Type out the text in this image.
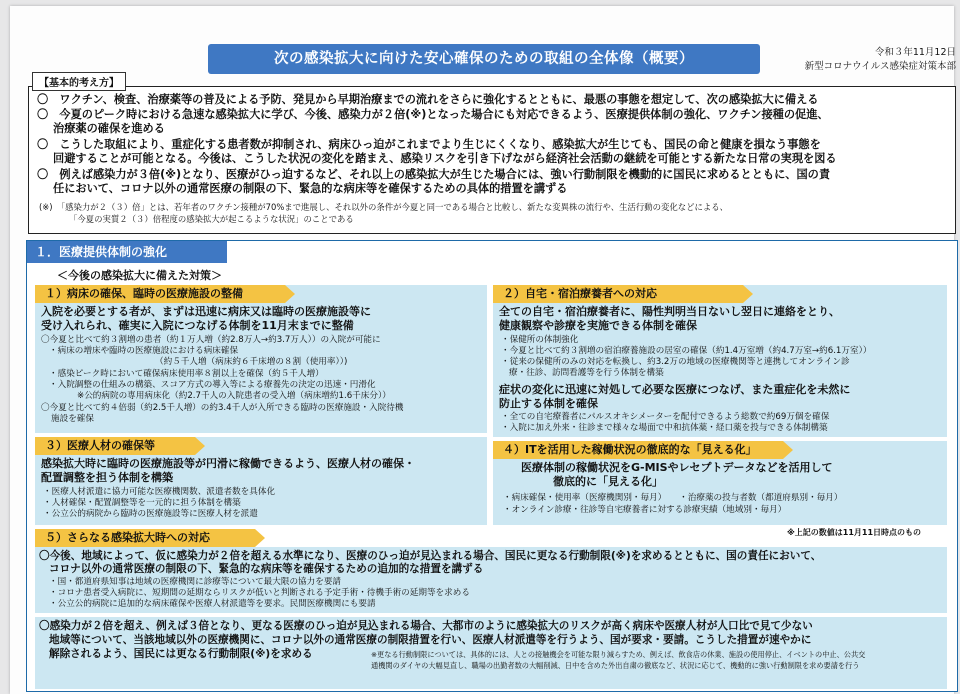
次の感染拡大に向けた安心確保のための取組の全体像（概要）	令和３年11月12日
新型コロナウイルス感染症対策本部
〇　ワクチン、検査、治療薬等の普及による予防、発見から早期治療までの流れをさらに強化するとともに、最悪の事態を想定して、次の感染拡大に備える
〇　今夏のピーク時における急速な感染拡大に学び、今後、感染力が２倍(※)となった場合にも対応できるよう、医療提供体制の強化、ワクチン接種の促進、
治療薬の確保を進める
〇　こうした取組により、重症化する患者数が抑制され、病床ひっ迫がこれまでより生じにくくなり、感染拡大が生じても、国民の命と健康を損なう事態を
回避することが可能となる。今後は、こうした状況の変化を踏まえ、感染リスクを引き下げながら経済社会活動の継続を可能とする新たな日常の実現を図る
〇　例えば感染力が３倍(※)となり、医療がひっ迫するなど、それ以上の感染拡大が生じた場合には、強い行動制限を機動的に国民に求めるとともに、国の責
任において、コロナ以外の通常医療の制限の下、緊急的な病床等を確保するための具体的措置を講ずる
(※)　「感染力が２（３）倍」とは、若年者のワクチン接種が70%まで進展し、それ以外の条件が今夏と同一である場合と比較し、新たな変異株の流行や、生活行動の変化などによる、
「今夏の実質２（３）倍程度の感染拡大が起こるような状況」のことである
【基本的考え方】
１．医療提供体制の強化
＜今後の感染拡大に備えた対策＞
１）病床の確保、臨時の医療施設の整備
入院を必要とする者が、まずは迅速に病床又は臨時の医療施設等に
受け入れられ、確実に入院につなげる体制を11月末までに整備
〇今夏と比べて約３割増の患者（約１万人増（約2.8万人→約3.7万人））の入院が可能に
・病床の増床や臨時の医療施設における病床確保
（約５千人増（病床約６千床増の８割（使用率））)
・感染ピーク時において確保病床使用率８割以上を確保（約５千人増）
・入院調整の仕組みの構築、スコア方式の導入等による療養先の決定の迅速・円滑化
※公的病院の専用病床化（約2.7千人の入院患者の受入増（病床増約1.6千床分））
〇今夏と比べて約４倍弱（約2.5千人増）の約3.4千人が入所できる臨時の医療施設・入院待機
施設を確保
２）自宅・宿泊療養者への対応
全ての自宅・宿泊療養者に、陽性判明当日ないし翌日に連絡をとり、
健康観察や診療を実施できる体制を確保
・保健所の体制強化
・今夏と比べて約３割増の宿泊療養施設の居室の確保（約1.4万室増（約4.7万室→約6.1万室））
・従来の保健所のみの対応を転換し、約3.2万の地域の医療機関等と連携してオンライン診
療・往診、訪問看護等を行う体制を構築
症状の変化に迅速に対処して必要な医療につなげ、また重症化を未然に
防止する体制を確保
・全ての自宅療養者にパルスオキシメーターを配付できるよう総数で約69万個を確保
・入院に加え外来・往診まで様々な場面で中和抗体薬・経口薬を投与できる体制構築
３）医療人材の確保等
感染拡大時に臨時の医療施設等が円滑に稼働できるよう、医療人材の確保・
配置調整を担う体制を構築
・医療人材派遣に協力可能な医療機関数、派遣者数を具体化
・人材確保・配置調整等を一元的に担う体制を構築
・公立公的病院から臨時の医療施設等に医療人材を派遣
４）ITを活用した稼働状況の徹底的な「見える化」
医療体制の稼働状況をG-MISやレセプトデータなどを活用して
徹底的に「見える化」
・病床確保・使用率（医療機関別・毎月）　　・治療薬の投与者数（都道府県別・毎月）
・オンライン診療・往診等自宅療養者に対する診療実績（地域別・毎月）
※上記の数値は11月11日時点のもの
５）さらなる感染拡大時への対応
〇今後、地域によって、仮に感染力が２倍を超える水準になり、医療のひっ迫が見込まれる場合、国民に更なる行動制限(※)を求めるとともに、国の責任において、
コロナ以外の通常医療の制限の下、緊急的な病床等を確保するための追加的な措置を講ずる
・国・都道府県知事は地域の医療機関に診療等について最大限の協力を要請
・コロナ患者受入病院に、短期間の延期ならリスクが低いと判断される予定手術・待機手術の延期等を求める
・公立公的病院に追加的な病床確保や医療人材派遣等を要求。民間医療機関にも要請
〇感染力が２倍を超え、例えば３倍となり、更なる医療のひっ迫が見込まれる場合、大都市のように感染拡大のリスクが高く病床や医療人材が人口比で見て少ない
地域等について、当該地域以外の医療機関に、コロナ以外の通常医療の制限措置を行い、医療人材派遣等を行うよう、国が要求・要請。こうした措置が速やかに
解除されるよう、国民には更なる行動制限(※)を求める	※更なる行動制限については、具体的には、人との接触機会を可能な限り減らすため、例えば、飲食店の休業、施設の使用停止、イベントの中止、公共交
通機関のダイヤの大幅見直し、職場の出勤者数の大幅削減、日中を含めた外出自粛の徹底など、状況に応じて、機動的に強い行動制限を求め要請を行う
